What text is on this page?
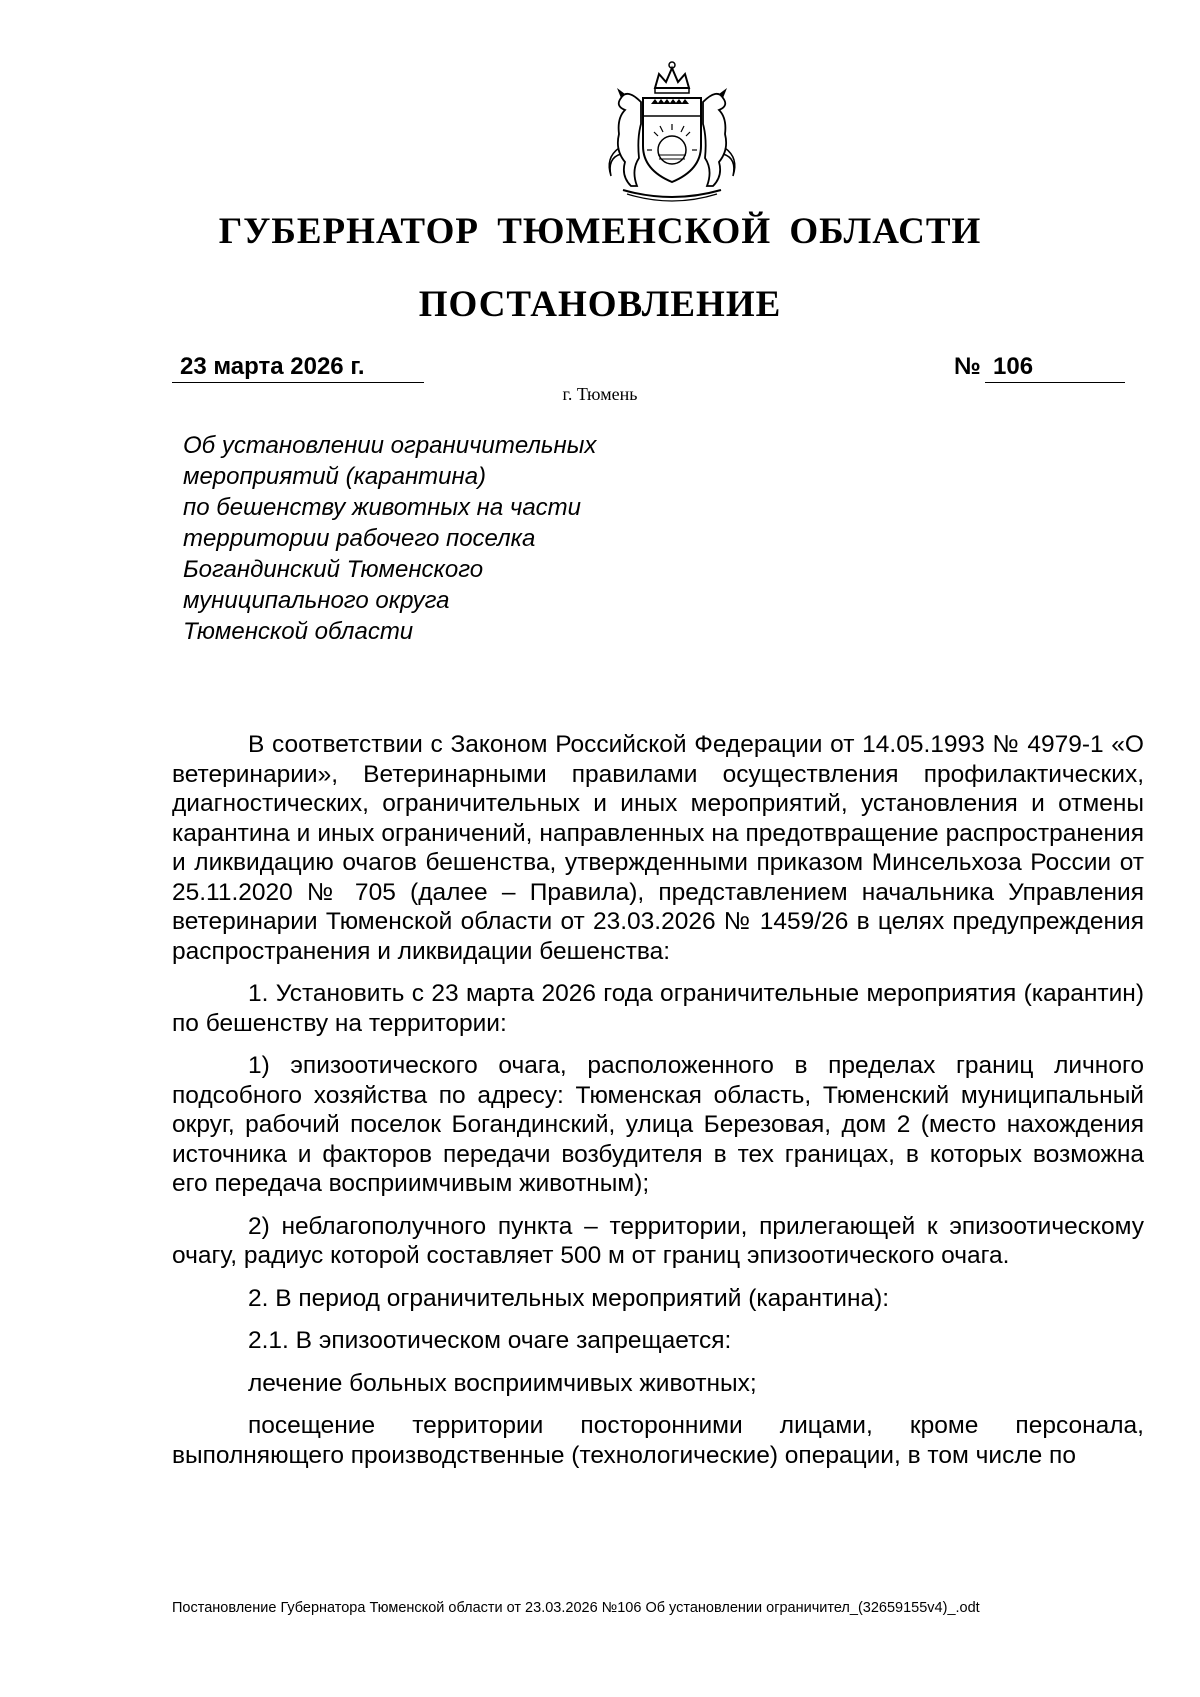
ГУБЕРНАТОР ТЮМЕНСКОЙ ОБЛАСТИ
ПОСТАНОВЛЕНИЕ
23 марта 2026 г.	№ 106
г. Тюмень
Об установлении ограничительных
мероприятий (карантина)
по бешенству животных на части
территории рабочего поселка
Богандинский Тюменского
муниципального округа
Тюменской области

В соответствии с Законом Российской Федерации от 14.05.1993 № 4979-1 «О ветеринарии», Ветеринарными правилами осуществления профилактических, диагностических, ограничительных и иных мероприятий, установления и отмены карантина и иных ограничений, направленных на предотвращение распространения и ликвидацию очагов бешенства, утвержденными приказом Минсельхоза России от 25.11.2020 № 705 (далее – Правила), представлением начальника Управления ветеринарии Тюменской области от 23.03.2026 № 1459/26 в целях предупреждения распространения и ликвидации бешенства:

1. Установить с 23 марта 2026 года ограничительные мероприятия (карантин) по бешенству на территории:

1) эпизоотического очага, расположенного в пределах границ личного подсобного хозяйства по адресу: Тюменская область, Тюменский муниципальный округ, рабочий поселок Богандинский, улица Березовая, дом 2 (место нахождения источника и факторов передачи возбудителя в тех границах, в которых возможна его передача восприимчивым животным);

2) неблагополучного пункта – территории, прилегающей к эпизоотическому очагу, радиус которой составляет 500 м от границ эпизоотического очага.

2. В период ограничительных мероприятий (карантина):

2.1. В эпизоотическом очаге запрещается:

лечение больных восприимчивых животных;

посещение территории посторонними лицами, кроме персонала, выполняющего производственные (технологические) операции, в том числе по

Постановление Губернатора Тюменской области от 23.03.2026 №106 Об установлении ограничител_(32659155v4)_.odt
